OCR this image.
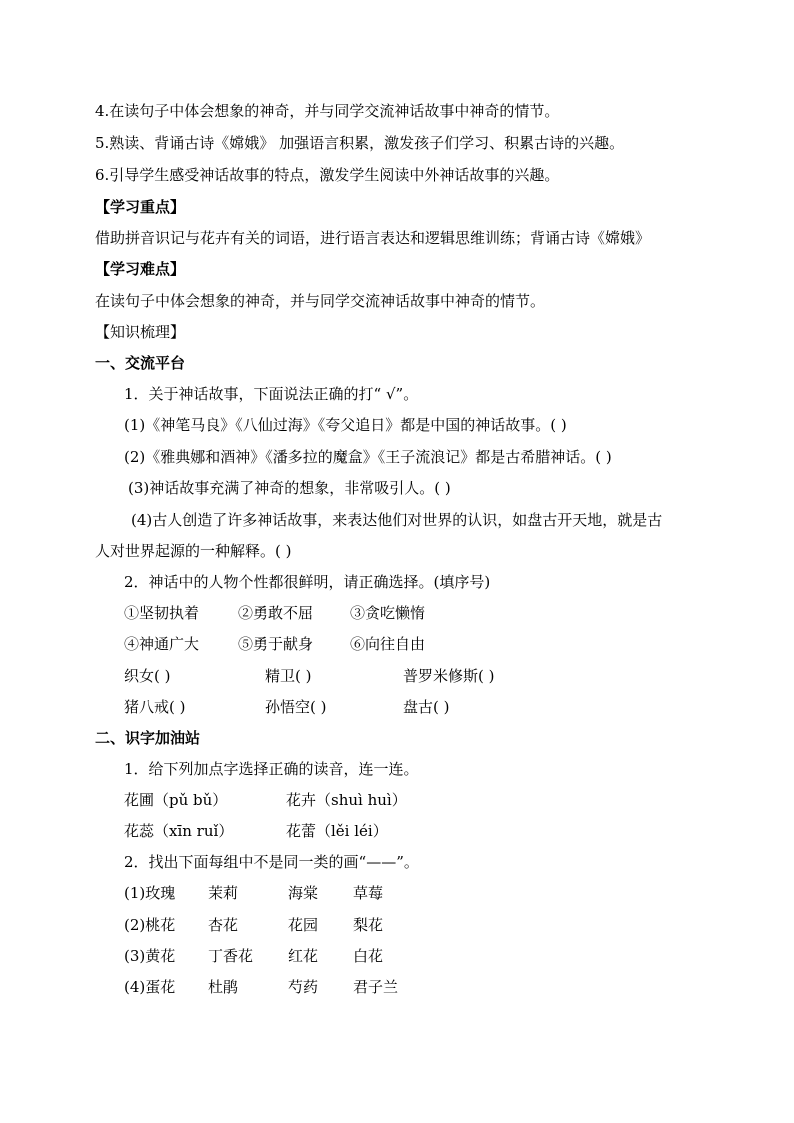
4.在读句子中体会想象的神奇，并与同学交流神话故事中神奇的情节。
5.熟读、背诵古诗《嫦娥》 加强语言积累，激发孩子们学习、积累古诗的兴趣。
6.引导学生感受神话故事的特点，激发学生阅读中外神话故事的兴趣。
【学习重点】
借助拼音识记与花卉有关的词语，进行语言表达和逻辑思维训练；背诵古诗《嫦娥》
【学习难点】
在读句子中体会想象的神奇，并与同学交流神话故事中神奇的情节。
【知识梳理】
一、交流平台
1．关于神话故事，下面说法正确的打“ √”。
(1)《神笔马良》《八仙过海》《夸父追日》都是中国的神话故事。( )
(2)《雅典娜和酒神》《潘多拉的魔盒》《王子流浪记》都是古希腊神话。( )
(3)神话故事充满了神奇的想象，非常吸引人。( )
(4)古人创造了许多神话故事，来表达他们对世界的认识，如盘古开天地，就是古
人对世界起源的一种解释。( )
2．神话中的人物个性都很鲜明，请正确选择。(填序号)
①坚韧执着	②勇敢不屈 ③贪吃懒惰
④神通广大	⑤勇于献身 ⑥向往自由
织女( )	精卫( )	普罗米修斯( )
猪八戒( )	孙悟空( )	盘古( )
二、识字加油站
1．给下列加点字选择正确的读音，连一连。
花圃（pǔ bǔ）	花卉（shuì huì）
花蕊（xīn ruǐ）	花蕾（lěi léi）
2．找出下面每组中不是同一类的画“——”。
(1)玫瑰 茉莉	海棠 草莓
(2)桃花 杏花	花园 梨花
(3)黄花 丁香花 红花 白花
(4)蛋花 杜鹃	芍药 君子兰
